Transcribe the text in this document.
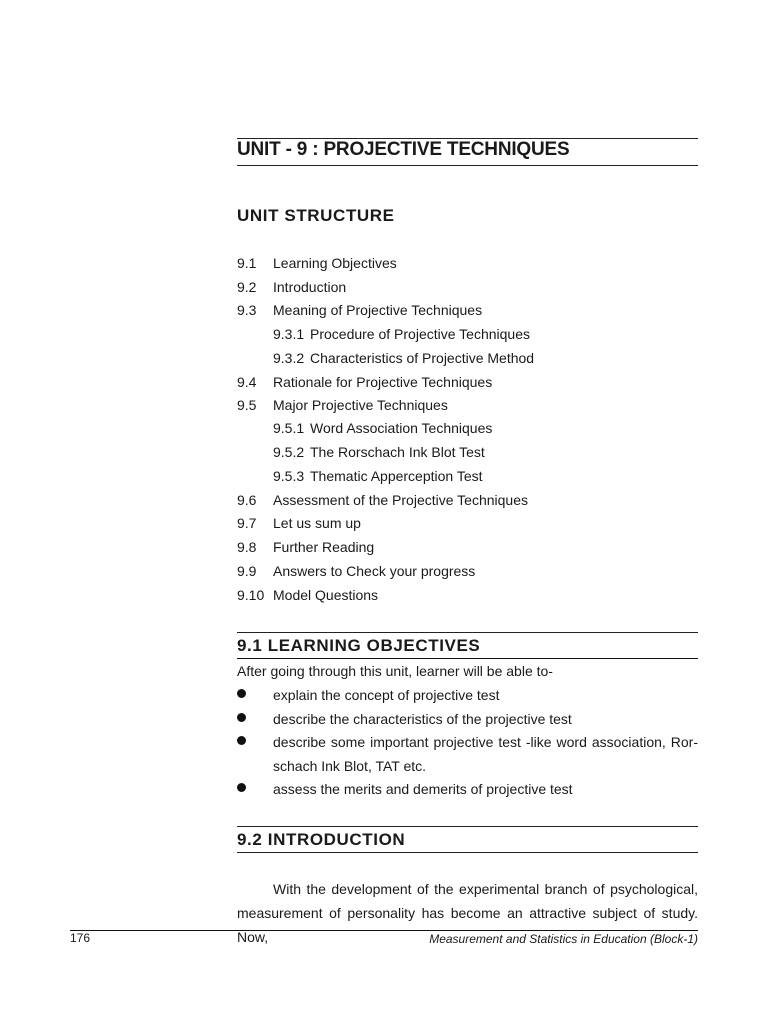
UNIT - 9 : PROJECTIVE TECHNIQUES
UNIT STRUCTURE
9.1 Learning Objectives
9.2 Introduction
9.3 Meaning of Projective Techniques
9.3.1 Procedure of Projective Techniques
9.3.2 Characteristics of Projective Method
9.4 Rationale for Projective Techniques
9.5 Major Projective Techniques
9.5.1 Word Association Techniques
9.5.2 The Rorschach Ink Blot Test
9.5.3 Thematic Apperception Test
9.6 Assessment of the Projective Techniques
9.7 Let us sum up
9.8 Further Reading
9.9 Answers to Check your progress
9.10 Model Questions
9.1 LEARNING OBJECTIVES
After going through this unit, learner will be able to-
explain the concept of projective test
describe the characteristics of the projective test
describe some important projective test -like word association, Ror-
schach Ink Blot, TAT etc.
assess the merits and demerits of projective test
9.2 INTRODUCTION

With the development of the experimental branch of psychological,

measurement of personality has become an attractive subject of study. Now,

176	Measurement and Statistics in Education (Block-1)
